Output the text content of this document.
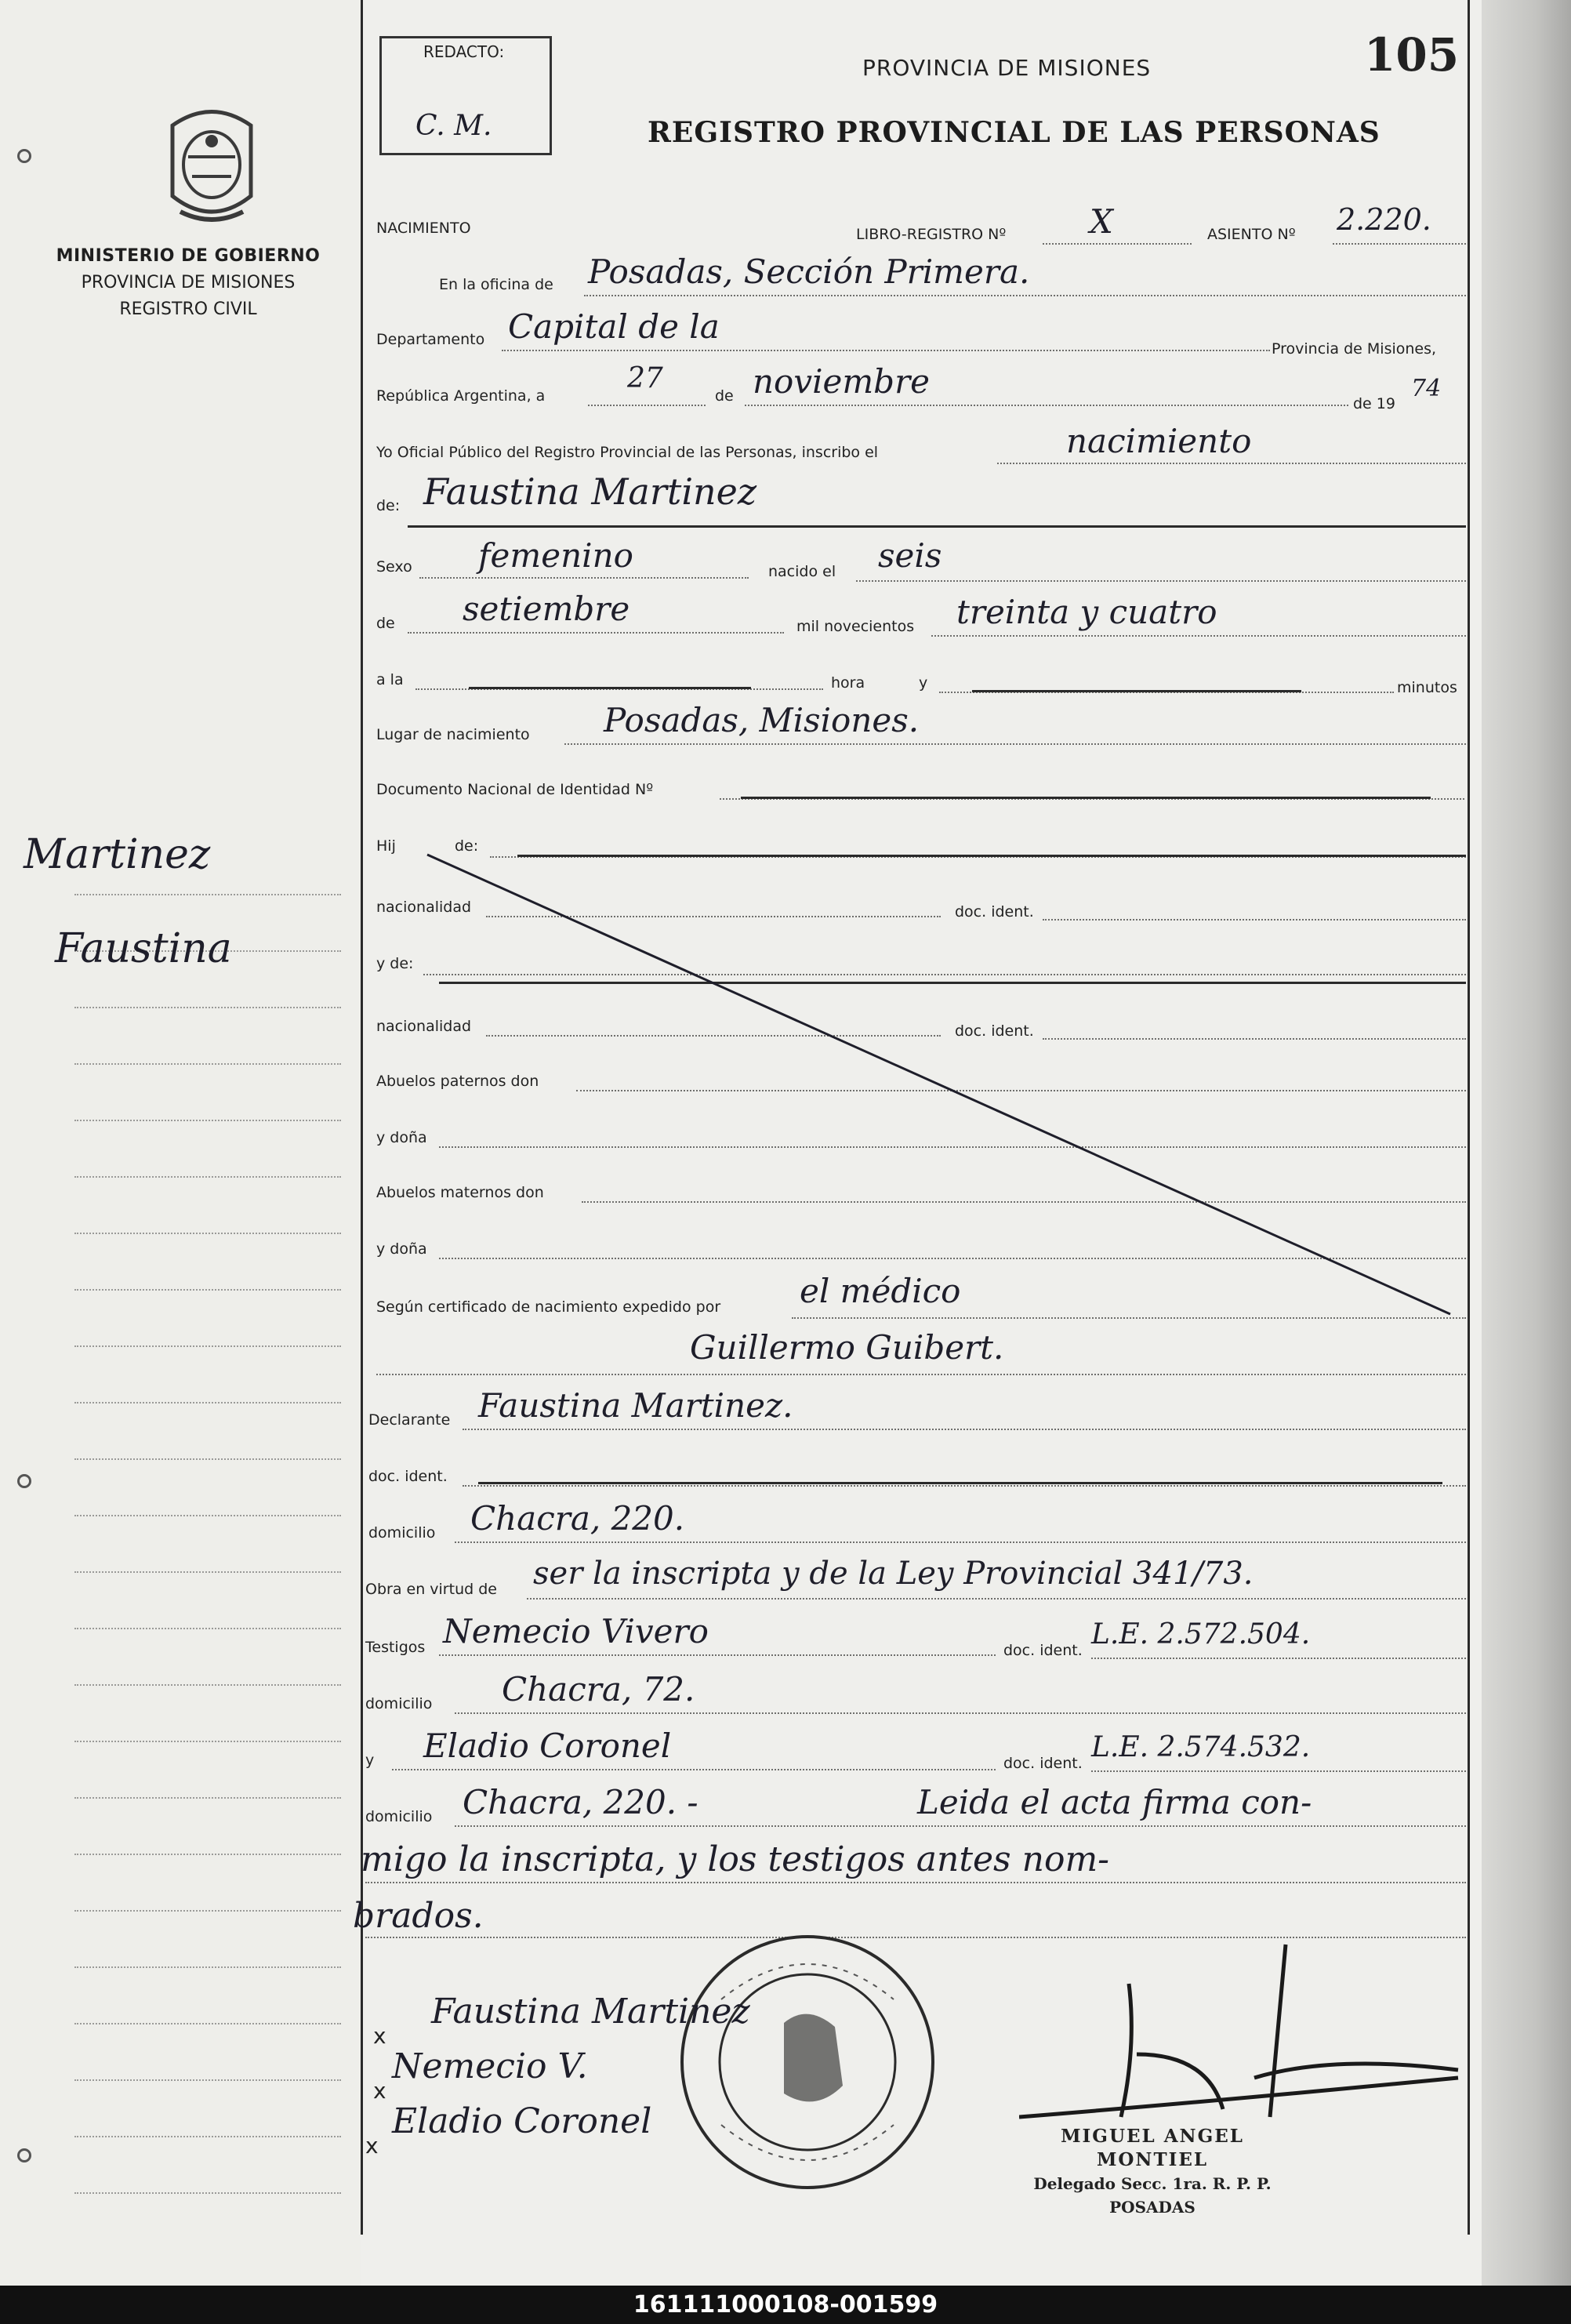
MINISTERIO DE GOBIERNO
PROVINCIA DE MISIONES
REGISTRO CIVIL
Martinez
Faustina
REDACTO:
C. M.
105
PROVINCIA DE MISIONES
REGISTRO PROVINCIAL DE LAS PERSONAS
NACIMIENTO	LIBRO-REGISTRO Nº	X	ASIENTO Nº 2.220.
En la oficina de Posadas, Sección Primera.
Departamento Capital de la
Provincia de Misiones,
República Argentina, a
27
de noviembre
de 19
74
Yo Oficial Público del Registro Provincial de las Personas, inscribo el	nacimiento
de: Faustina Martinez
Sexo femenino	nacido el seis
de setiembre	mil novecientos treinta y cuatro
a la	hora	y	minutos
Lugar de nacimiento Posadas, Misiones.
Documento Nacional de Identidad Nº
Hij	de:
nacionalidad	doc. ident.
y de:
nacionalidad	doc. ident.
Abuelos paternos don
y doña
Abuelos maternos don
y doña
Según certificado de nacimiento expedido por el médico
Guillermo Guibert.
Declarante Faustina Martinez.
doc. ident.
domicilio Chacra, 220.
Obra en virtud de ser la inscripta y de la Ley Provincial 341/73.
Testigos Nemecio Vivero	doc. ident. L.E. 2.572.504.
domicilio Chacra, 72.
y Eladio Coronel	doc. ident. L.E. 2.574.532.
domicilio Chacra, 220. -	Leida el acta firma con-
migo la inscripta, y los testigos antes nom-
brados.
x
Faustina Martinez
x
Nemecio V.
x
Eladio Coronel	MIGUEL ANGEL MONTIEL
Delegado Secc. 1ra. R. P. P.
POSADAS
161111000108-001599
